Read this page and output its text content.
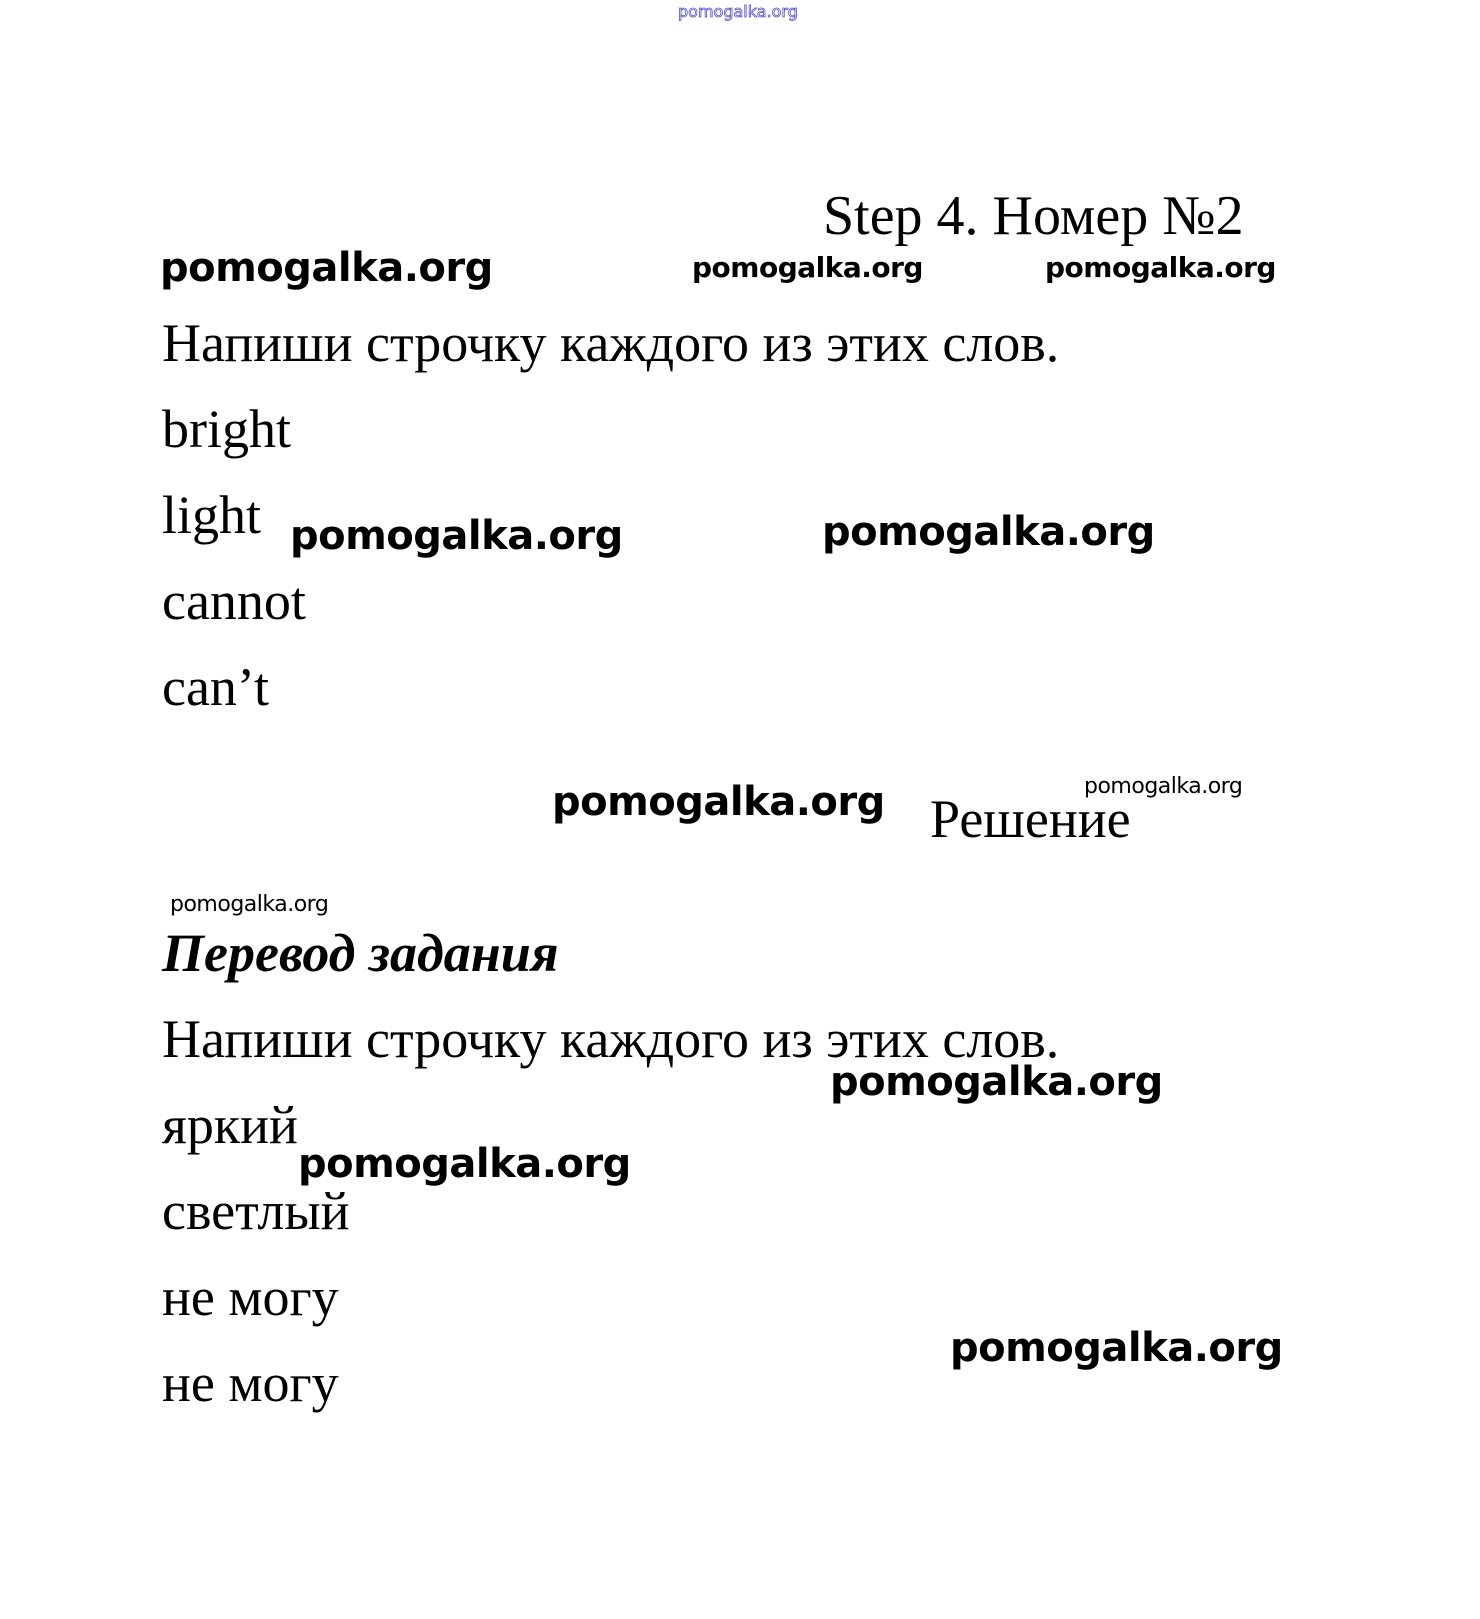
pomogalka.org
Step 4. Номер №2
Напиши строчку каждого из этих слов.
bright
light
cannot
can’t
Решение
Перевод задания
Напиши строчку каждого из этих слов.
яркий
светлый
не могу
не могу
pomogalka.org	pomogalka.org	pomogalka.org
pomogalka.org	pomogalka.org
pomogalka.org	pomogalka.org
pomogalka.org
pomogalka.org
pomogalka.org
pomogalka.org
